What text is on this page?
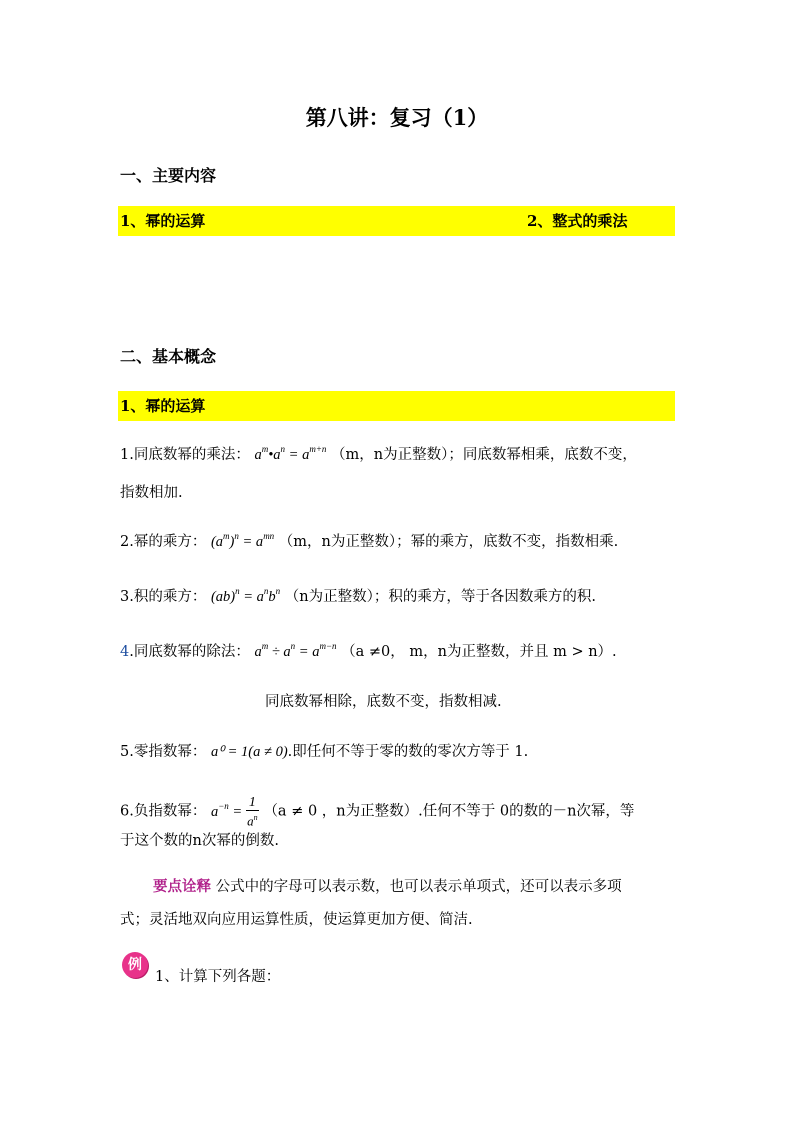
第八讲：复习（1）
一、主要内容
1、幂的运算	2、整式的乘法
二、基本概念
1、幂的运算
1.同底数幂的乘法： $a^m•a^n = a^{m+n}$ （m，n为正整数）；同底数幂相乘，底数不变，
指数相加.
2.幂的乘方： $(a^m)^n = a^{mn}$ （m，n为正整数）；幂的乘方，底数不变，指数相乘.
3.积的乘方： $(ab)^n = a^nb^n$ （n为正整数）；积的乘方，等于各因数乘方的积.
4.同底数幂的除法： $a^m \div a^n = a^{m-n}$ （a ≠0， m，n为正整数，并且 m > n）.
同底数幂相除，底数不变，指数相减.
5.零指数幂： a⁰ = 1(a ≠ 0).即任何不等于零的数的零次方等于 1.
6.负指数幂： $a^{-n} = \frac{1}{a^n} (a \ne 0$ ，n为正整数）.任何不等于 0的数的－n次幂，等
于这个数的n次幂的倒数.
要点诠释 公式中的字母可以表示数，也可以表示单项式，还可以表示多项
式；灵活地双向应用运算性质，使运算更加方便、简洁.
例
1、计算下列各题：
